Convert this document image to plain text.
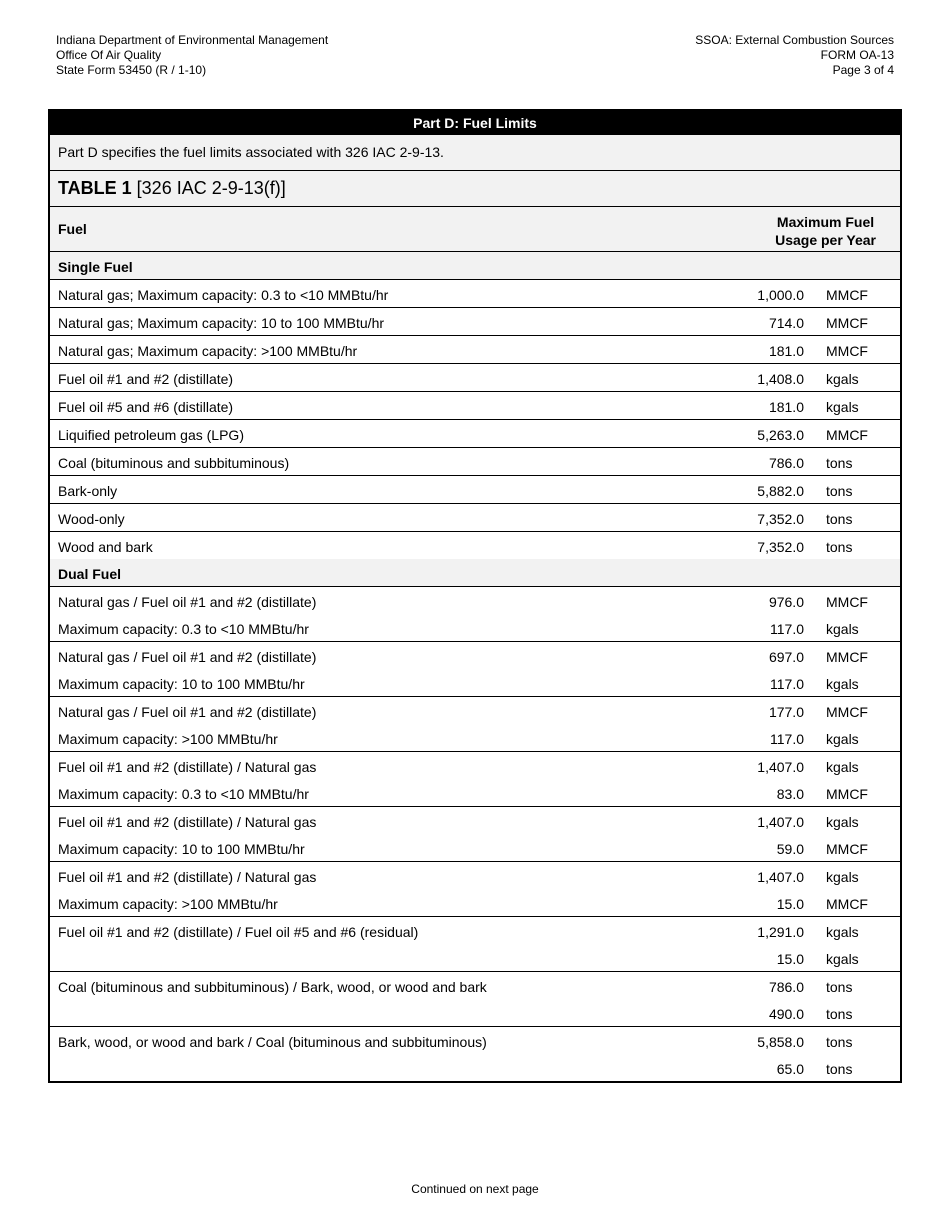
Indiana Department of Environmental Management
Office Of Air Quality
State Form 53450 (R / 1-10)
SSOA: External Combustion Sources
FORM OA-13
Page 3 of 4
Part D: Fuel Limits
Part D specifies the fuel limits associated with 326 IAC 2-9-13.
TABLE 1 [326 IAC 2-9-13(f)]
Fuel	Maximum Fuel
Usage per Year
Single Fuel
Natural gas; Maximum capacity: 0.3 to <10 MMBtu/hr	1,000.0 MMCF
Natural gas; Maximum capacity: 10 to 100 MMBtu/hr	714.0 MMCF
Natural gas; Maximum capacity: >100 MMBtu/hr	181.0 MMCF
Fuel oil #1 and #2 (distillate)	1,408.0 kgals
Fuel oil #5 and #6 (distillate)	181.0 kgals
Liquified petroleum gas (LPG)	5,263.0 MMCF
Coal (bituminous and subbituminous)	786.0 tons
Bark-only	5,882.0 tons
Wood-only	7,352.0 tons
Wood and bark	7,352.0 tons
Dual Fuel
Natural gas / Fuel oil #1 and #2 (distillate)	976.0 MMCF
Maximum capacity: 0.3 to <10 MMBtu/hr	117.0 kgals
Natural gas / Fuel oil #1 and #2 (distillate)	697.0 MMCF
Maximum capacity: 10 to 100 MMBtu/hr	117.0 kgals
Natural gas / Fuel oil #1 and #2 (distillate)	177.0 MMCF
Maximum capacity: >100 MMBtu/hr	117.0 kgals
Fuel oil #1 and #2 (distillate) / Natural gas	1,407.0 kgals
Maximum capacity: 0.3 to <10 MMBtu/hr	83.0 MMCF
Fuel oil #1 and #2 (distillate) / Natural gas	1,407.0 kgals
Maximum capacity: 10 to 100 MMBtu/hr	59.0 MMCF
Fuel oil #1 and #2 (distillate) / Natural gas	1,407.0 kgals
Maximum capacity: >100 MMBtu/hr	15.0 MMCF
Fuel oil #1 and #2 (distillate) / Fuel oil #5 and #6 (residual)	1,291.0 kgals
15.0 kgals
Coal (bituminous and subbituminous) / Bark, wood, or wood and bark	786.0 tons
490.0 tons
Bark, wood, or wood and bark / Coal (bituminous and subbituminous)	5,858.0 tons
65.0 tons
Continued on next page
